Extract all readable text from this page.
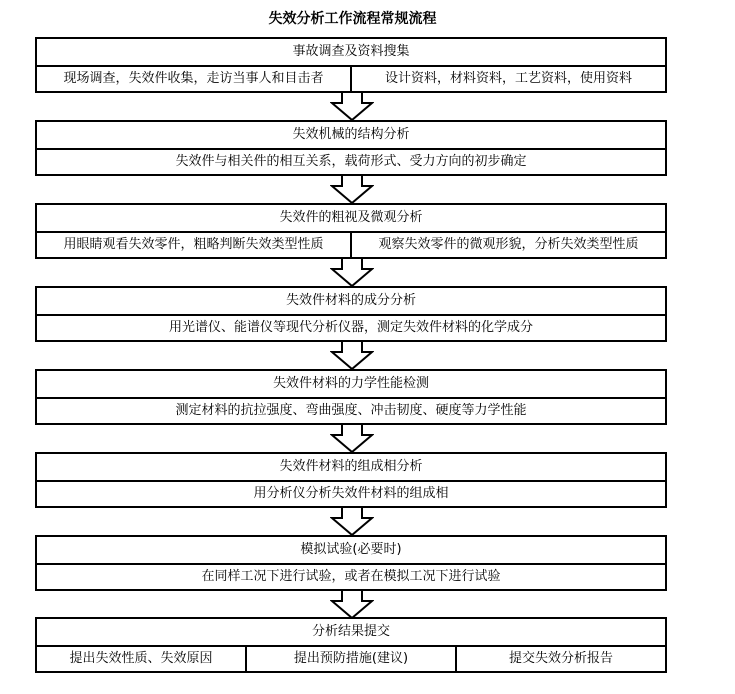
失效分析工作流程常规流程
事故调查及资料搜集
现场调查，失效件收集，走访当事人和目击者	设计资料，材料资料，工艺资料，使用资料
失效机械的结构分析
失效件与相关件的相互关系，载荷形式、受力方向的初步确定
失效件的粗视及微观分析
用眼睛观看失效零件，粗略判断失效类型性质	观察失效零件的微观形貌，分析失效类型性质
失效件材料的成分分析
用光谱仪、能谱仪等现代分析仪器，测定失效件材料的化学成分
失效件材料的力学性能检测
测定材料的抗拉强度、弯曲强度、冲击韧度、硬度等力学性能
失效件材料的组成相分析
用分析仪分析失效件材料的组成相
模拟试验(必要时)
在同样工况下进行试验，或者在模拟工况下进行试验
分析结果提交
提出失效性质、失效原因	提出预防措施(建议)	提交失效分析报告
